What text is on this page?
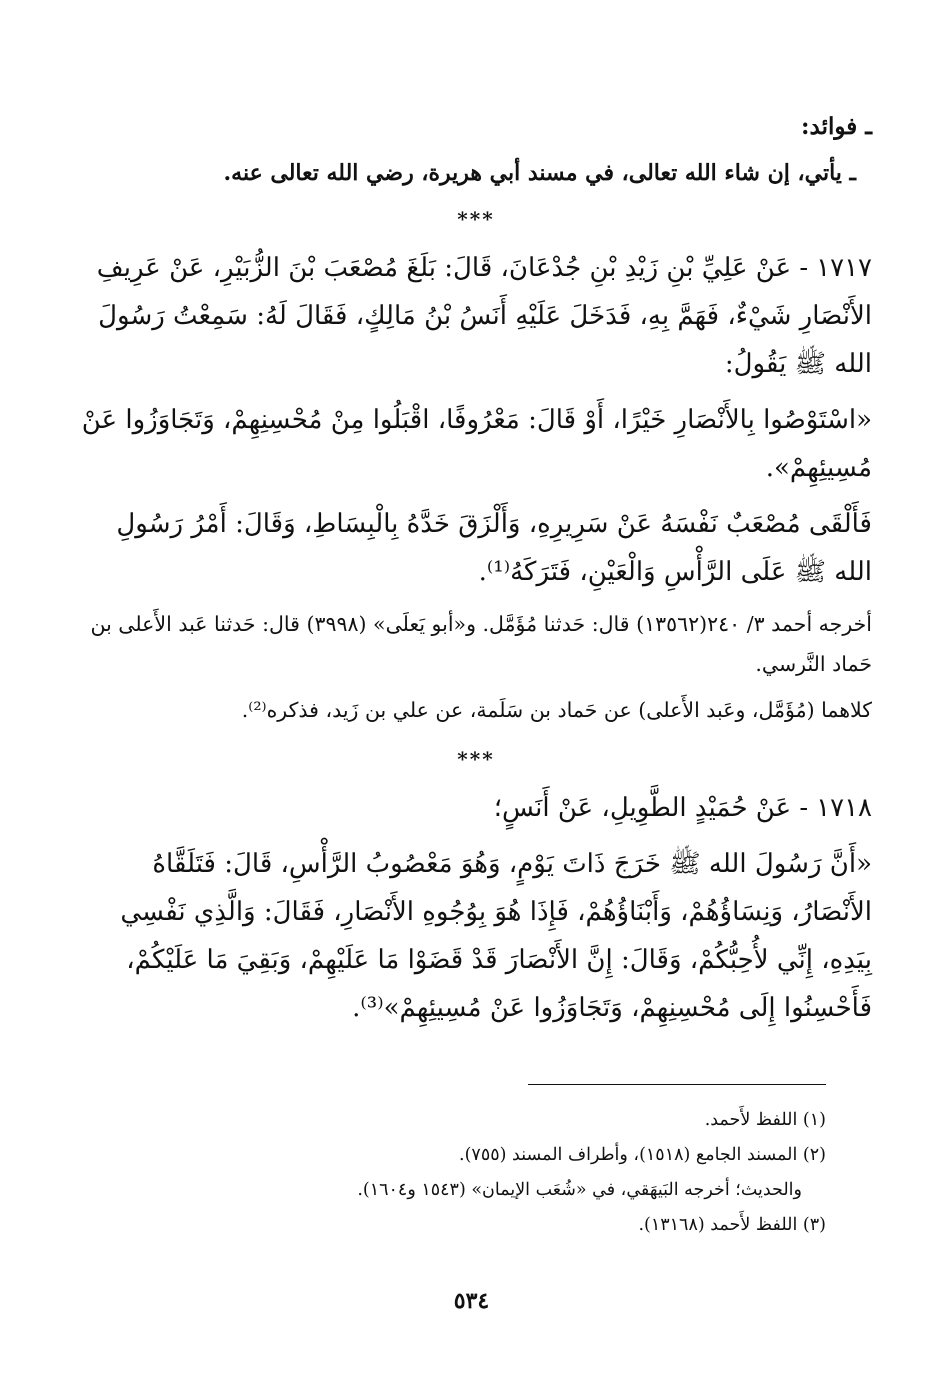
ـ فوائد:

ـ يأتي، إن شاء الله تعالى، في مسند أبي هريرة، رضي الله تعالى عنه.

***

١٧١٧- عَنْ عَلِيِّ بْنِ زَيْدِ بْنِ جُدْعَانَ، قَالَ: بَلَغَ مُصْعَبَ بْنَ الزُّبَيْرِ، عَنْ عَرِيفِ الأَنْصَارِ شَيْءٌ، فَهَمَّ بِهِ، فَدَخَلَ عَلَيْهِ أَنَسُ بْنُ مَالِكٍ، فَقَالَ لَهُ: سَمِعْتُ رَسُولَ الله ﷺ يَقُولُ:

«اسْتَوْصُوا بِالأَنْصَارِ خَيْرًا، أَوْ قَالَ: مَعْرُوفًا، اقْبَلُوا مِنْ مُحْسِنِهِمْ، وَتَجَاوَزُوا عَنْ مُسِيئِهِمْ».

فَأَلْقَى مُصْعَبٌ نَفْسَهُ عَنْ سَرِيرِهِ، وَأَلْزَقَ خَدَّهُ بِالْبِسَاطِ، وَقَالَ: أَمْرُ رَسُولِ الله ﷺ عَلَى الرَّأْسِ وَالْعَيْنِ، فَتَرَكَهُ⁽¹⁾.

أخرجه أحمد ٣/ ٢٤٠(١٣٥٦٢) قال: حَدثنا مُؤَمَّل. و«أبو يَعلَى» (٣٩٩٨) قال: حَدثنا عَبد الأَعلى بن حَماد النَّرسي.

كلاهما (مُؤَمَّل، وعَبد الأَعلى) عن حَماد بن سَلَمة، عن علي بن زَيد، فذكره⁽²⁾.

***

١٧١٨- عَنْ حُمَيْدٍ الطَّوِيلِ، عَنْ أَنَسٍ؛

«أَنَّ رَسُولَ الله ﷺ خَرَجَ ذَاتَ يَوْمٍ، وَهُوَ مَعْصُوبُ الرَّأْسِ، قَالَ: فَتَلَقَّاهُ الأَنْصَارُ، وَنِسَاؤُهُمْ، وَأَبْنَاؤُهُمْ، فَإِذَا هُوَ بِوُجُوهِ الأَنْصَارِ، فَقَالَ: وَالَّذِي نَفْسِي بِيَدِهِ، إِنِّي لأُحِبُّكُمْ، وَقَالَ: إِنَّ الأَنْصَارَ قَدْ قَضَوْا مَا عَلَيْهِمْ، وَبَقِيَ مَا عَلَيْكُمْ، فَأَحْسِنُوا إِلَى مُحْسِنِهِمْ، وَتَجَاوَزُوا عَنْ مُسِيئِهِمْ»⁽³⁾.

(١) اللفظ لأَحمد.
(٢) المسند الجامع (١٥١٨)، وأطراف المسند (٧٥٥).
والحديث؛ أخرجه البَيهَقي، في «شُعَب الإيمان» (١٥٤٣ و١٦٠٤).
(٣) اللفظ لأَحمد (١٣١٦٨).
٥٣٤
